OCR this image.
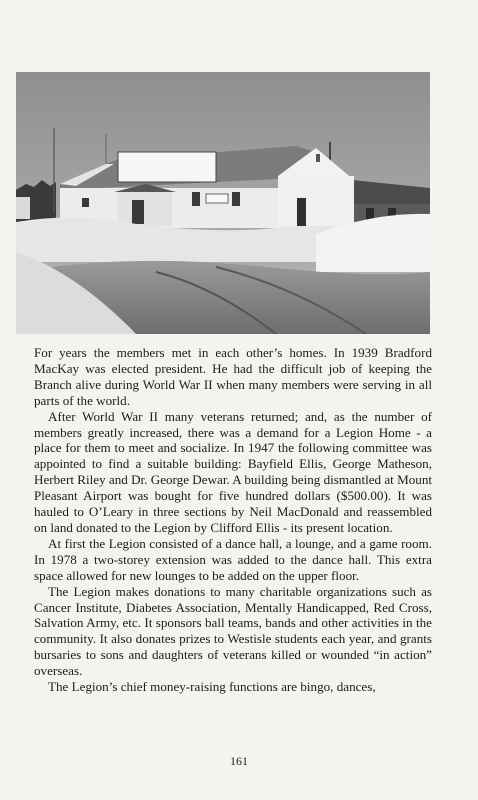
For years the members met in each other’s homes. In 1939 Bradford MacKay was elected president. He had the difficult job of keeping the Branch alive during World War II when many members were serving in all parts of the world.

After World War II many veterans returned; and, as the number of members greatly increased, there was a demand for a Legion Home - a place for them to meet and socialize. In 1947 the following committee was appointed to find a suitable building: Bayfield Ellis, George Matheson, Herbert Riley and Dr. George Dewar. A building being dismantled at Mount Pleasant Airport was bought for five hundred dollars ($500.00). It was hauled to O’Leary in three sections by Neil MacDonald and reassembled on land donated to the Legion by Clifford Ellis - its present location.

At first the Legion consisted of a dance hall, a lounge, and a game room. In 1978 a two-storey extension was added to the dance hall. This extra space allowed for new lounges to be added on the upper floor.

The Legion makes donations to many charitable organizations such as Cancer Institute, Diabetes Association, Mentally Handicapped, Red Cross, Salvation Army, etc. It sponsors ball teams, bands and other activities in the community. It also donates prizes to Westisle students each year, and grants bursaries to sons and daughters of veterans killed or wounded “in action” overseas.

The Legion’s chief money-raising functions are bingo, dances,

161
